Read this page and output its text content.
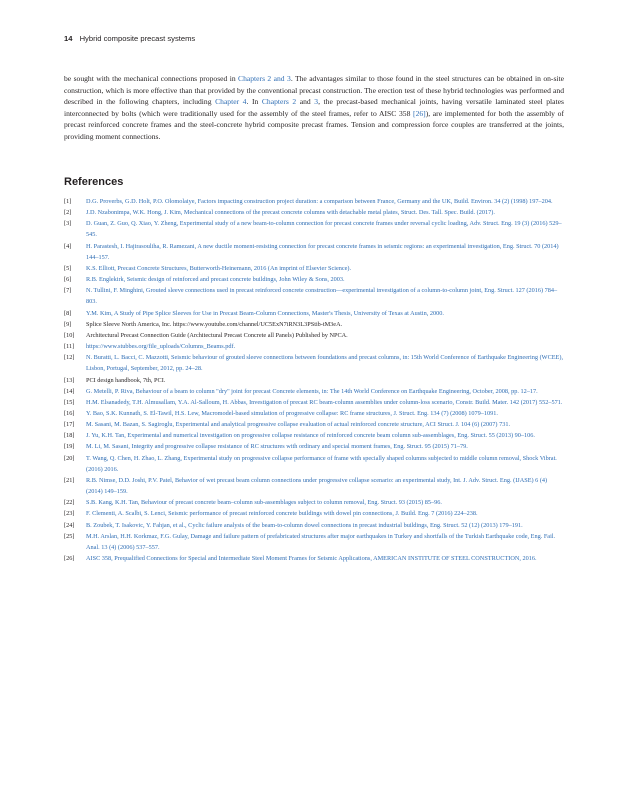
14 Hybrid composite precast systems

be sought with the mechanical connections proposed in Chapters 2 and 3. The advantages similar to those found in the steel structures can be obtained in on-site construction, which is more effective than that provided by the conventional precast construction. The erection test of these hybrid technologies was performed and described in the following chapters, including Chapter 4. In Chapters 2 and 3, the precast-based mechanical joints, having versatile laminated steel plates interconnected by bolts (which were traditionally used for the assembly of the steel frames, refer to AISC 358 [26]), are implemented for both the assembly of precast reinforced concrete frames and the steel-concrete hybrid composite precast frames. Tension and compression force couples are transferred at the joints, providing moment connections.

References
[1] D.G. Proverbs, G.D. Holt, P.O. Olomolaiye, Factors impacting construction project duration: a comparison between France, Germany and the UK, Build. Environ. 34 (2) (1998) 197–204.
[2] J.D. Nzabonimpa, W.K. Hong, J. Kim, Mechanical connections of the precast concrete columns with detachable metal plates, Struct. Des. Tall. Spec. Build. (2017).
[3] D. Guan, Z. Guo, Q. Xiao, Y. Zheng, Experimental study of a new beam-to-column connection for precast concrete frames under reversal cyclic loading, Adv. Struct. Eng. 19 (3) (2016) 529–545.
[4] H. Parastesh, I. Hajirasouliha, R. Ramezani, A new ductile moment-resisting connection for precast concrete frames in seismic regions: an experimental investigation, Eng. Struct. 70 (2014) 144–157.
[5] K.S. Elliott, Precast Concrete Structures, Butterworth-Heinemann, 2016 (An imprint of Elsevier Science).
[6] R.B. Englekirk, Seismic design of reinforced and precast concrete buildings, John Wiley & Sons, 2003.
[7] N. Tullini, F. Minghini, Grouted sleeve connections used in precast reinforced concrete construction—experimental investigation of a column-to-column joint, Eng. Struct. 127 (2016) 784–803.
[8] Y.M. Kim, A Study of Pipe Splice Sleeves for Use in Precast Beam-Column Connections, Master's Thesis, University of Texas at Austin, 2000.
[9] Splice Sleeve North America, Inc. https://www.youtube.com/channel/UC5ExN7iRN3L3PStib-tM3eA.
[10] Architectural Precast Connection Guide (Architectural Precast Concrete all Panels) Published by NPCA.
[11] https://www.stubbes.org/file_uploads/Columns_Beams.pdf.
[12] N. Buratti, L. Bacci, C. Mazzotti, Seismic behaviour of grouted sleeve connections between foundations and precast columns, in: 15th World Conference of Earthquake Engineering (WCEE), Lisbon, Portugal, September, 2012, pp. 24–28.
[13] PCI design handbook, 7th, PCI.
[14] G. Metelli, P. Riva, Behaviour of a beam to column "dry" joint for precast Concrete elements, in: The 14th World Conference on Earthquake Engineering, October, 2008, pp. 12–17.
[15] H.M. Elsanadedy, T.H. Almusallam, Y.A. Al-Salloum, H. Abbas, Investigation of precast RC beam-column assemblies under column-loss scenario, Constr. Build. Mater. 142 (2017) 552–571.
[16] Y. Bao, S.K. Kunnath, S. El-Tawil, H.S. Lew, Macromodel-based simulation of progressive collapse: RC frame structures, J. Struct. Eng. 134 (7) (2008) 1079–1091.
[17] M. Sasani, M. Bazan, S. Sagiroglu, Experimental and analytical progressive collapse evaluation of actual reinforced concrete structure, ACI Struct. J. 104 (6) (2007) 731.
[18] J. Yu, K.H. Tan, Experimental and numerical investigation on progressive collapse resistance of reinforced concrete beam column sub-assemblages, Eng. Struct. 55 (2013) 90–106.
[19] M. Li, M. Sasani, Integrity and progressive collapse resistance of RC structures with ordinary and special moment frames, Eng. Struct. 95 (2015) 71–79.
[20] T. Wang, Q. Chen, H. Zhao, L. Zhang, Experimental study on progressive collapse performance of frame with specially shaped columns subjected to middle column removal, Shock Vibrat. (2016) 2016.
[21] R.B. Nimse, D.D. Joshi, P.V. Patel, Behavior of wet precast beam column connections under progressive collapse scenario: an experimental study, Int. J. Adv. Struct. Eng. (IJASE) 6 (4) (2014) 149–159.
[22] S.B. Kang, K.H. Tan, Behaviour of precast concrete beam–column sub-assemblages subject to column removal, Eng. Struct. 93 (2015) 85–96.
[23] F. Clementi, A. Scalbi, S. Lenci, Seismic performance of precast reinforced concrete buildings with dowel pin connections, J. Build. Eng. 7 (2016) 224–238.
[24] B. Zoubek, T. Isakovic, Y. Fahjan, et al., Cyclic failure analysis of the beam-to-column dowel connections in precast industrial buildings, Eng. Struct. 52 (12) (2013) 179–191.
[25] M.H. Arslan, H.H. Korkmaz, F.G. Gulay, Damage and failure pattern of prefabricated structures after major earthquakes in Turkey and shortfalls of the Turkish Earthquake code, Eng. Fail. Anal. 13 (4) (2006) 537–557.
[26] AISC 358, Prequalified Connections for Special and Intermediate Steel Moment Frames for Seismic Applications, AMERICAN INSTITUTE OF STEEL CONSTRUCTION, 2016.
